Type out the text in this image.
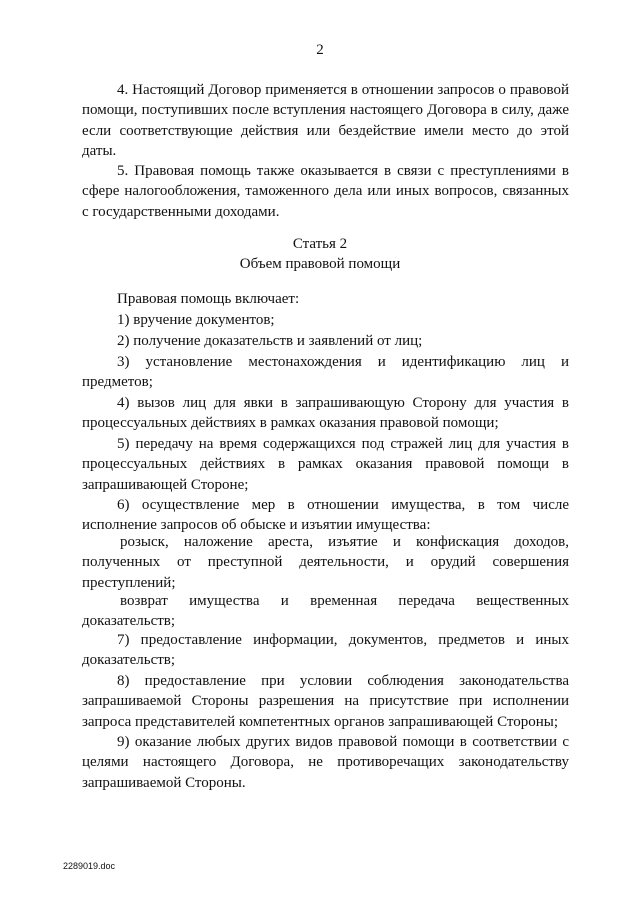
2

4. Настоящий Договор применяется в отношении запросов о правовой помощи, поступивших после вступления настоящего Договора в силу, даже если соответствующие действия или бездействие имели место до этой даты.

5. Правовая помощь также оказывается в связи с преступлениями в сфере налогообложения, таможенного дела или иных вопросов, связанных с государственными доходами.

Статья 2
Объем правовой помощи

Правовая помощь включает:

1) вручение документов;

2) получение доказательств и заявлений от лиц;

3) установление местонахождения и идентификацию лиц и предметов;

4) вызов лиц для явки в запрашивающую Сторону для участия в процессуальных действиях в рамках оказания правовой помощи;

5) передачу на время содержащихся под стражей лиц для участия в процессуальных действиях в рамках оказания правовой помощи в запрашивающей Стороне;

6) осуществление мер в отношении имущества, в том числе исполнение запросов об обыске и изъятии имущества:

розыск, наложение ареста, изъятие и конфискация доходов, полученных от преступной деятельности, и орудий совершения преступлений;

возврат имущества и временная передача вещественных доказательств;

7) предоставление информации, документов, предметов и иных доказательств;

8) предоставление при условии соблюдения законодательства запрашиваемой Стороны разрешения на присутствие при исполнении запроса представителей компетентных органов запрашивающей Стороны;

9) оказание любых других видов правовой помощи в соответствии с целями настоящего Договора, не противоречащих законодательству запрашиваемой Стороны.

2289019.doc
